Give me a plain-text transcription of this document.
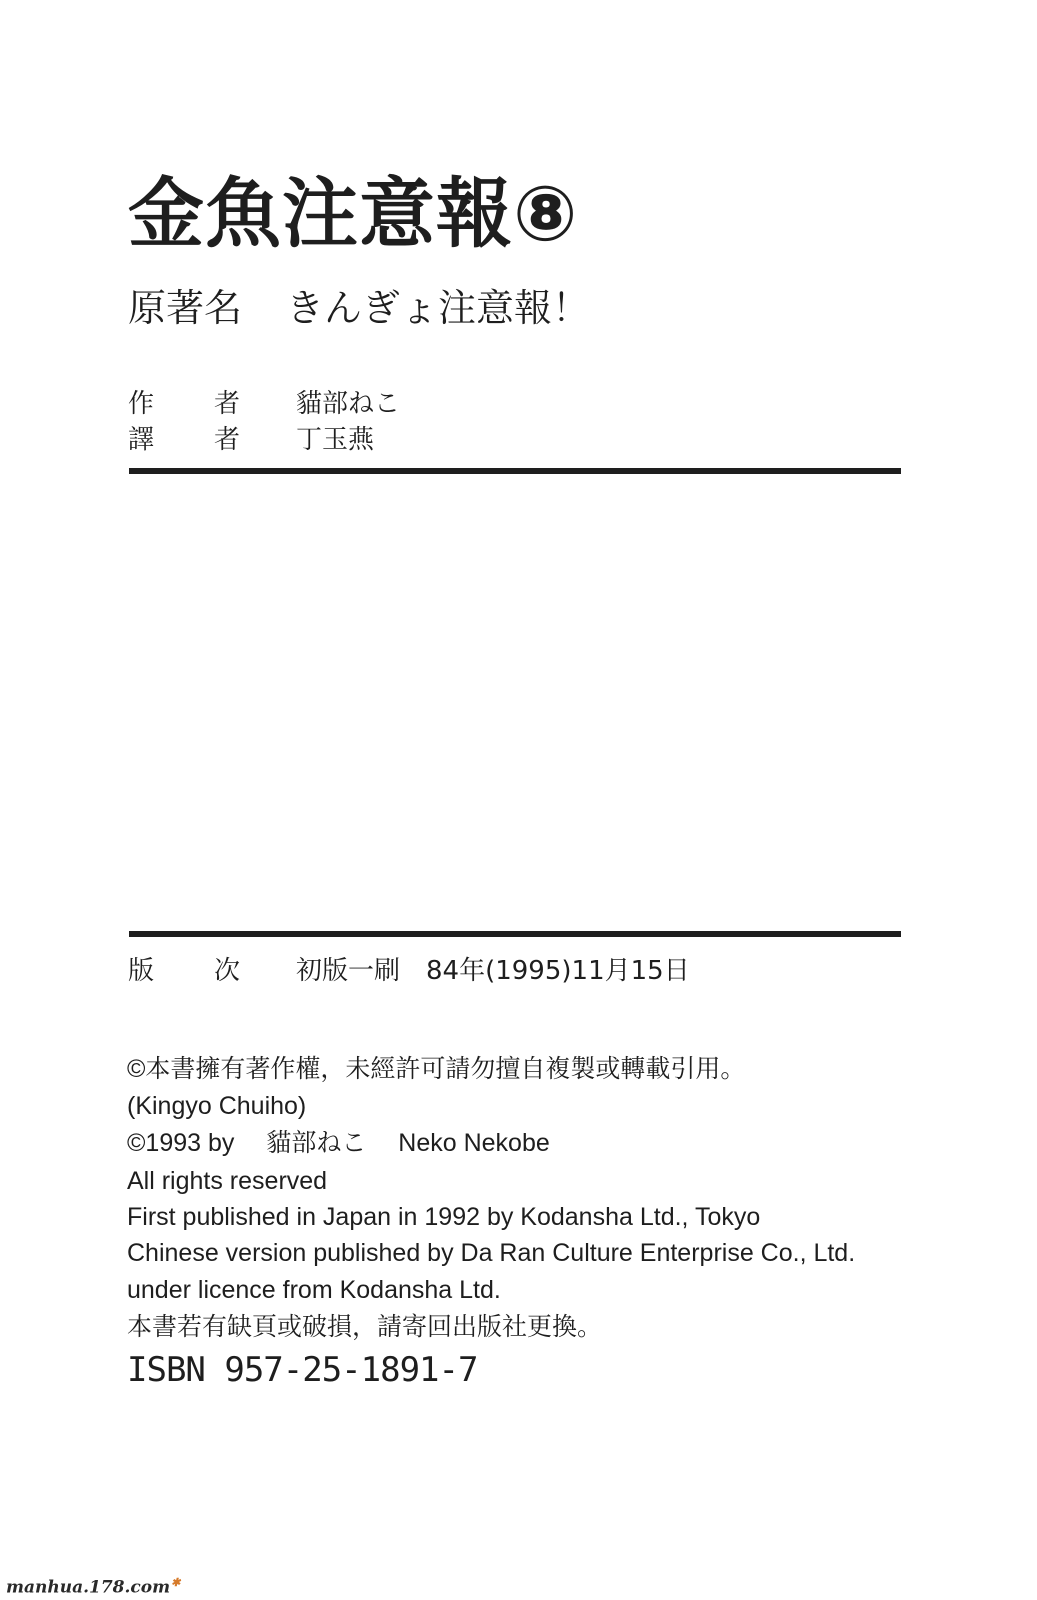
金魚注意報⑧
原著名 きんぎょ注意報！
作 者 貓部ねこ
譯 者 丁玉燕
版 次 初版一刷　84年(1995)11月15日
©本書擁有著作權，未經許可請勿擅自複製或轉載引用。
(Kingyo Chuiho)
©1993 by　 貓部ねこ　 Neko Nekobe
All rights reserved
First published in Japan in 1992 by Kodansha Ltd., Tokyo
Chinese version published by Da Ran Culture Enterprise Co., Ltd.
under licence from Kodansha Ltd.
本書若有缺頁或破損，請寄回出版社更換。
ISBN 957-25-1891-7
manhua.178.com✱
